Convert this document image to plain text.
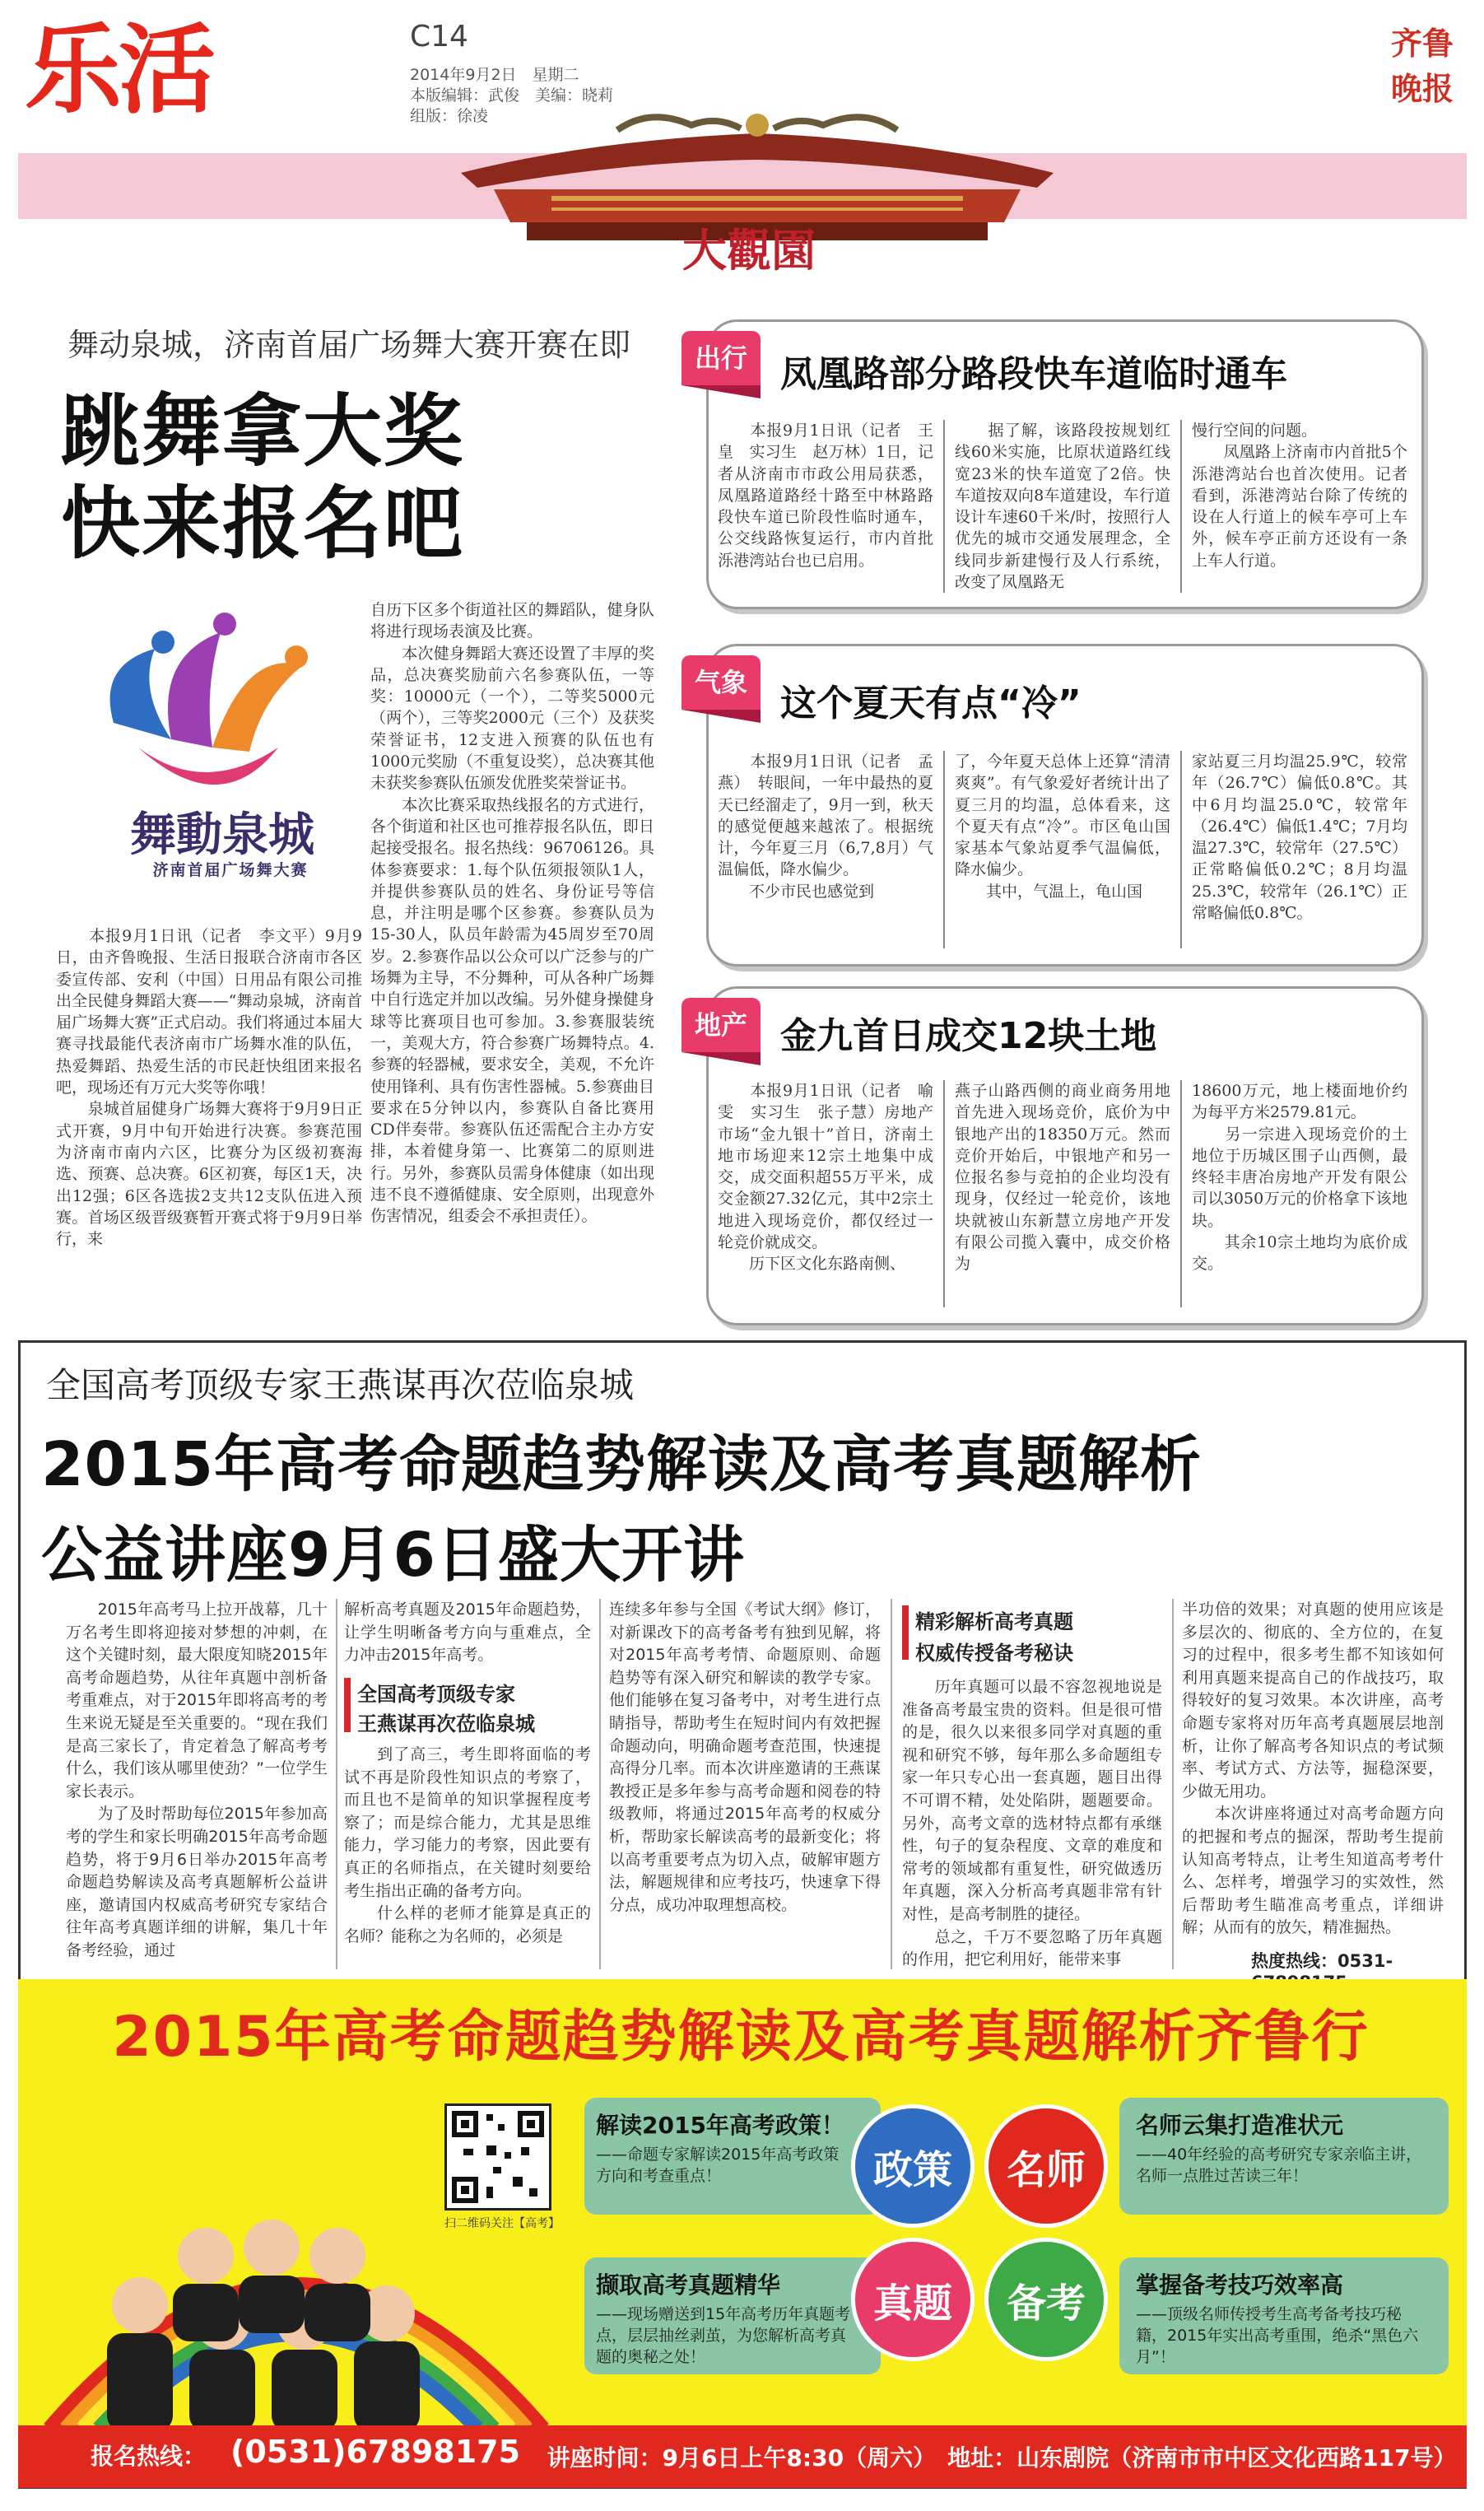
乐活	C14
2014年9月2日　星期二
本版编辑：武俊　美编：晓莉
组版：徐凌
齐鲁晚报
大觀園
舞动泉城，济南首届广场舞大赛开赛在即
跳舞拿大奖
快来报名吧
舞動泉城
济南首届广场舞大赛
　　本报9月1日讯（记者　李文平）9月9日，由齐鲁晚报、生活日报联合济南市各区委宣传部、安利（中国）日用品有限公司推出全民健身舞蹈大赛——“舞动泉城，济南首届广场舞大赛”正式启动。我们将通过本届大赛寻找最能代表济南市广场舞水准的队伍，热爱舞蹈、热爱生活的市民赶快组团来报名吧，现场还有万元大奖等你哦！
　　泉城首届健身广场舞大赛将于9月9日正式开赛，9月中旬开始进行决赛。参赛范围为济南市南内六区，比赛分为区级初赛海选、预赛、总决赛。6区初赛，每区1天，决出12强；6区各选拔2支共12支队伍进入预赛。首场区级晋级赛暂开赛式将于9月9日举行，来
自历下区多个街道社区的舞蹈队，健身队将进行现场表演及比赛。
　　本次健身舞蹈大赛还设置了丰厚的奖品，总决赛奖励前六名参赛队伍，一等奖：10000元（一个），二等奖5000元（两个），三等奖2000元（三个）及获奖荣誉证书，12支进入预赛的队伍也有1000元奖励（不重复设奖），总决赛其他未获奖参赛队伍颁发优胜奖荣誉证书。
　　本次比赛采取热线报名的方式进行，各个街道和社区也可推荐报名队伍，即日起接受报名。报名热线：96706126。具体参赛要求：1.每个队伍须报领队1人，并提供参赛队员的姓名、身份证号等信息，并注明是哪个区参赛。参赛队员为15-30人，队员年龄需为45周岁至70周岁。2.参赛作品以公众可以广泛参与的广场舞为主导，不分舞种，可从各种广场舞中自行选定并加以改编。另外健身操健身球等比赛项目也可参加。3.参赛服装统一，美观大方，符合参赛广场舞特点。4.参赛的轻器械，要求安全，美观，不允许使用锋利、具有伤害性器械。5.参赛曲目要求在5分钟以内，参赛队自备比赛用CD伴奏带。参赛队伍还需配合主办方安排，本着健身第一、比赛第二的原则进行。另外，参赛队员需身体健康（如出现违不良不遵循健康、安全原则，出现意外伤害情况，组委会不承担责任）。
出行 凤凰路部分路段快车道临时通车
　　本报9月1日讯（记者　王皇　实习生　赵万林）1日，记者从济南市市政公用局获悉，凤凰路道路经十路至中林路路段快车道已阶段性临时通车，公交线路恢复运行，市内首批泺港湾站台也已启用。
　　据了解，该路段按规划红线60米实施，比原状道路红线宽23米的快车道宽了2倍。快车道按双向8车道建设，车行道设计车速60千米/时，按照行人优先的城市交通发展理念，全线同步新建慢行及人行系统，改变了凤凰路无
慢行空间的问题。
　　凤凰路上济南市内首批5个泺港湾站台也首次使用。记者看到，泺港湾站台除了传统的设在人行道上的候车亭可上车外，候车亭正前方还设有一条上车人行道。
气象 这个夏天有点“冷”
　　本报9月1日讯（记者　孟燕）　转眼间，一年中最热的夏天已经溜走了，9月一到，秋天的感觉便越来越浓了。根据统计，今年夏三月（6,7,8月）气温偏低，降水偏少。
　　不少市民也感觉到
了，今年夏天总体上还算“清清爽爽”。有气象爱好者统计出了夏三月的均温，总体看来，这个夏天有点“冷”。市区龟山国家基本气象站夏季气温偏低，降水偏少。
　　其中，气温上，龟山国
家站夏三月均温25.9℃，较常年（26.7℃）偏低0.8℃。其中6月均温25.0℃，较常年（26.4℃）偏低1.4℃；7月均温27.3℃，较常年（27.5℃）正常略偏低0.2℃；8月均温25.3℃，较常年（26.1℃）正常略偏低0.8℃。
地产 金九首日成交12块土地
　　本报9月1日讯（记者　喻雯　实习生　张子慧）房地产市场“金九银十”首日，济南土地市场迎来12宗土地集中成交，成交面积超55万平米，成交金额27.32亿元，其中2宗土地进入现场竞价，都仅经过一轮竞价就成交。
　　历下区文化东路南侧、
燕子山路西侧的商业商务用地首先进入现场竞价，底价为中银地产出的18350万元。然而竞价开始后，中银地产和另一位报名参与竞拍的企业均没有现身，仅经过一轮竞价，该地块就被山东新慧立房地产开发有限公司揽入囊中，成交价格为
18600万元，地上楼面地价约为每平方米2579.81元。
　　另一宗进入现场竞价的土地位于历城区围子山西侧，最终轻丰唐冶房地产开发有限公司以3050万元的价格拿下该地块。
　　其余10宗土地均为底价成交。
全国高考顶级专家王燕谋再次莅临泉城
2015年高考命题趋势解读及高考真题解析
公益讲座9月6日盛大开讲
　　2015年高考马上拉开战幕，几十万名考生即将迎接对梦想的冲刺，在这个关键时刻，最大限度知晓2015年高考命题趋势，从往年真题中剖析备考重难点，对于2015年即将高考的考生来说无疑是至关重要的。“现在我们是高三家长了，肯定着急了解高考考什么，我们该从哪里使劲？”一位学生家长表示。
　　为了及时帮助每位2015年参加高考的学生和家长明确2015年高考命题趋势，将于9月6日举办2015年高考命题趋势解读及高考真题解析公益讲座，邀请国内权威高考研究专家结合往年高考真题详细的讲解，集几十年备考经验，通过
解析高考真题及2015年命题趋势，让学生明晰备考方向与重难点，全力冲击2015年高考。
全国高考顶级专家
王燕谋再次莅临泉城
　　到了高三，考生即将面临的考试不再是阶段性知识点的考察了，而且也不是简单的知识掌握程度考察了；而是综合能力，尤其是思维能力，学习能力的考察，因此要有真正的名师指点，在关键时刻要给考生指出正确的备考方向。
　　什么样的老师才能算是真正的名师？能称之为名师的，必须是
连续多年参与全国《考试大纲》修订，对新课改下的高考备考有独到见解，将对2015年高考考情、命题原则、命题趋势等有深入研究和解读的教学专家。他们能够在复习备考中，对考生进行点睛指导，帮助考生在短时间内有效把握命题动向，明确命题考查范围，快速提高得分几率。而本次讲座邀请的王燕谋教授正是多年参与高考命题和阅卷的特级教师，将通过2015年高考的权威分析，帮助家长解读高考的最新变化；将以高考重要考点为切入点，破解审题方法，解题规律和应考技巧，快速拿下得分点，成功冲取理想高校。
精彩解析高考真题
权威传授备考秘诀
　　历年真题可以最不容忽视地说是准备高考最宝贵的资料。但是很可惜的是，很久以来很多同学对真题的重视和研究不够，每年那么多命题组专家一年只专心出一套真题，题目出得不可谓不精，处处陷阱，题题要命。另外，高考文章的选材特点都有承继性，句子的复杂程度、文章的难度和常考的领域都有重复性，研究做透历年真题，深入分析高考真题非常有针对性，是高考制胜的捷径。
　　总之，千万不要忽略了历年真题的作用，把它利用好，能带来事
半功倍的效果；对真题的使用应该是多层次的、彻底的、全方位的，在复习的过程中，很多考生都不知该如何利用真题来提高自己的作战技巧，取得较好的复习效果。本次讲座，高考命题专家将对历年高考真题展层地剖析，让你了解高考各知识点的考试频率、考试方式、方法等，掘稳深要，少做无用功。
　　本次讲座将通过对高考命题方向的把握和考点的掘深，帮助考生提前认知高考特点，让考生知道高考考什么、怎样考，增强学习的实效性，然后帮助考生瞄准高考重点，详细讲解；从而有的放矢，精准掘热。
热度热线：0531-
2015年高考命题趋势解读及高考真题解析齐鲁行
扫二维码关注【高考】
解读2015年高考政策！
——命题专家解读2015年高考政策方向和考查重点！
名师云集打造准状元
——40年经验的高考研究专家亲临主讲，名师一点胜过苦读三年！
撷取高考真题精华
——现场赠送到15年高考历年真题考点，层层抽丝剥茧，为您解析高考真题的奥秘之处！
掌握备考技巧效率高
——顶级名师传授考生高考备考技巧秘籍，2015年实出高考重围，绝杀“黑色六月”！
政策	名师
真题	备考
报名热线： (0531)67898175 讲座时间：9月6日上午8:30（周六）　地址：山东剧院（济南市市中区文化西路117号）
